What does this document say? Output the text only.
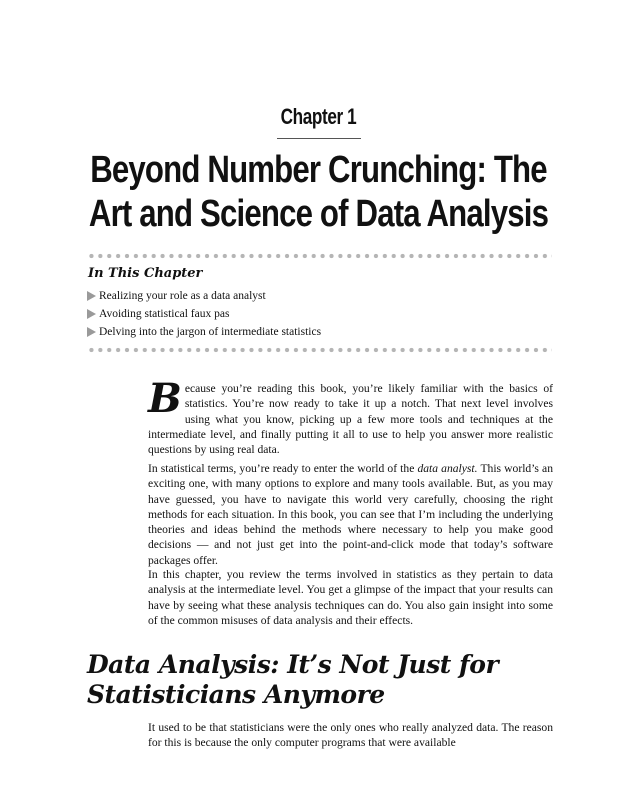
Chapter 1
Beyond Number Crunching: The
Art and Science of Data Analysis
In This Chapter
Realizing your role as a data analyst
Avoiding statistical faux pas
Delving into the jargon of intermediate statistics
B ecause you’re reading this book, you’re likely familiar with the basics of statistics. You’re now ready to take it up a notch. That next level involves using what you know, picking up a few more tools and techniques at the intermediate level, and finally putting it all to use to help you answer more realistic questions by using real data.

In statistical terms, you’re ready to enter the world of the data analyst. This world’s an exciting one, with many options to explore and many tools available. But, as you may have guessed, you have to navigate this world very carefully, choosing the right methods for each situation. In this book, you can see that I’m including the underlying theories and ideas behind the methods where necessary to help you make good decisions — and not just get into the point-and-click mode that today’s software packages offer.

In this chapter, you review the terms involved in statistics as they pertain to data analysis at the intermediate level. You get a glimpse of the impact that your results can have by seeing what these analysis techniques can do. You also gain insight into some of the common misuses of data analysis and their effects.

Data Analysis: It’s Not Just for
Statisticians Anymore

It used to be that statisticians were the only ones who really analyzed data. The reason for this is because the only computer programs that were available
